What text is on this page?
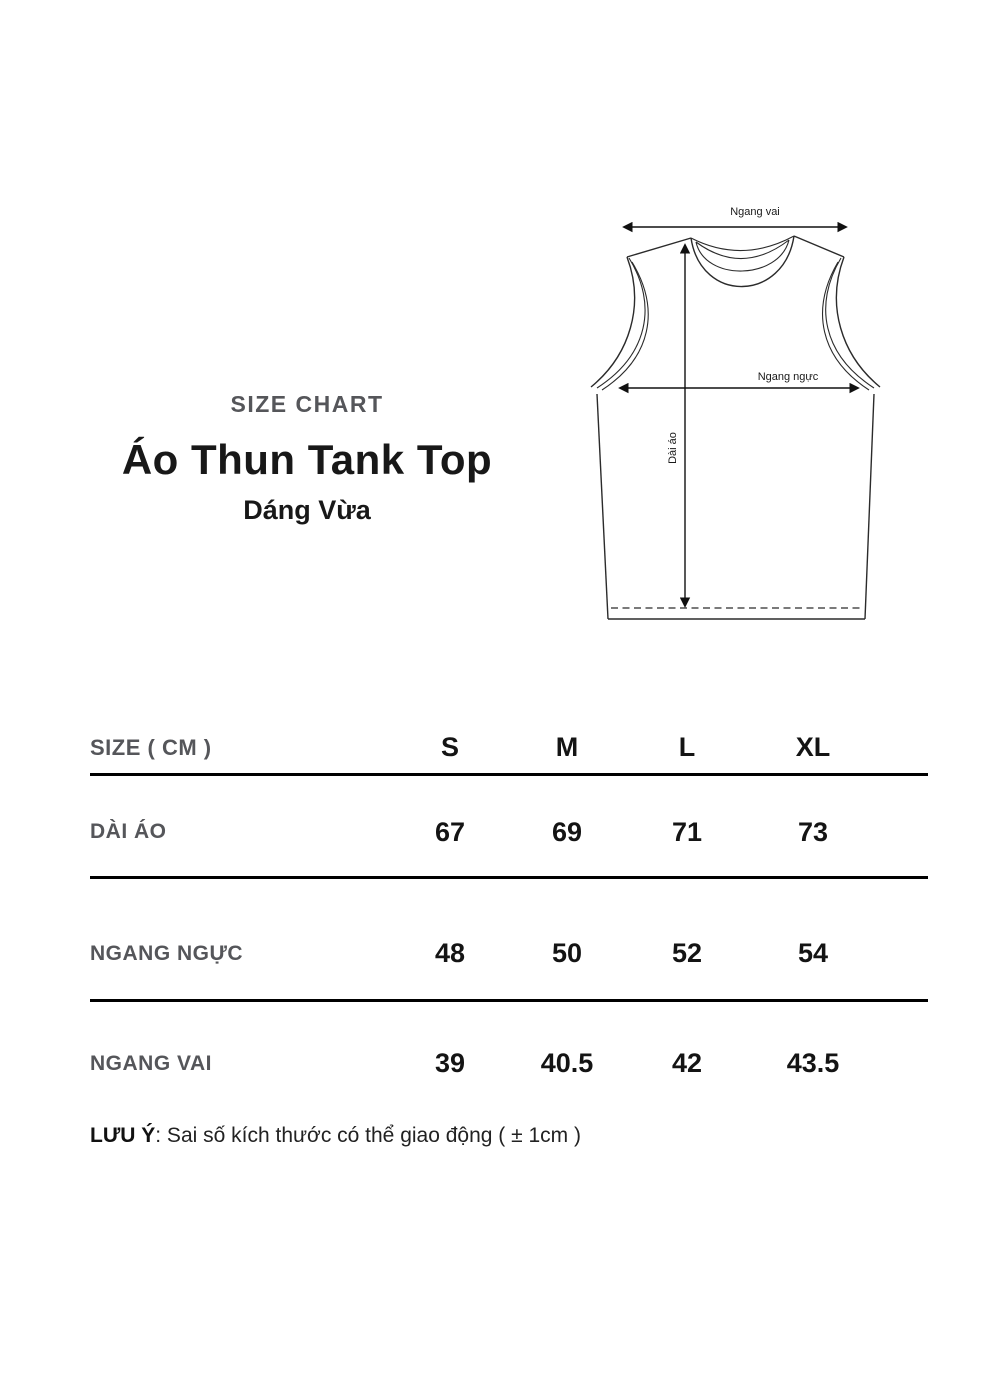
SIZE CHART
Áo Thun Tank Top
Dáng Vừa
Ngang vai
Ngang ngực
Dài áo
SIZE ( CM )	S	M	L	XL
DÀI ÁO	67	69	71	73
NGANG NGỰC	48	50	52	54
NGANG VAI	39	40.5	42	43.5
LƯU Ý: Sai số kích thước có thể giao động ( ± 1cm )
